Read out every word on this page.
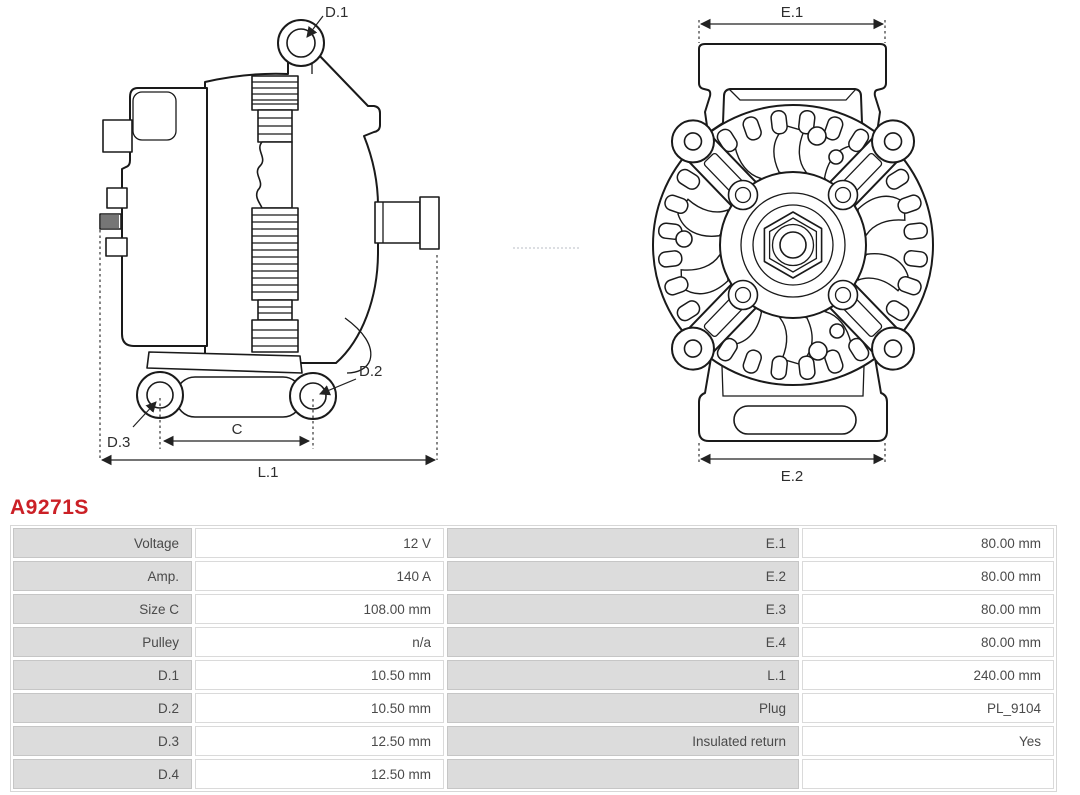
D.1
D.2
D.3
C
L.1
E.1
E.2
A9271S
Voltage	12 V	E.1	80.00 mm
Amp.	140 A	E.2	80.00 mm
Size C	108.00 mm	E.3	80.00 mm
Pulley	n/a	E.4	80.00 mm
D.1	10.50 mm	L.1	240.00 mm
D.2	10.50 mm	Plug	PL_9104
D.3	12.50 mm	Insulated return	Yes
D.4	12.50 mm
